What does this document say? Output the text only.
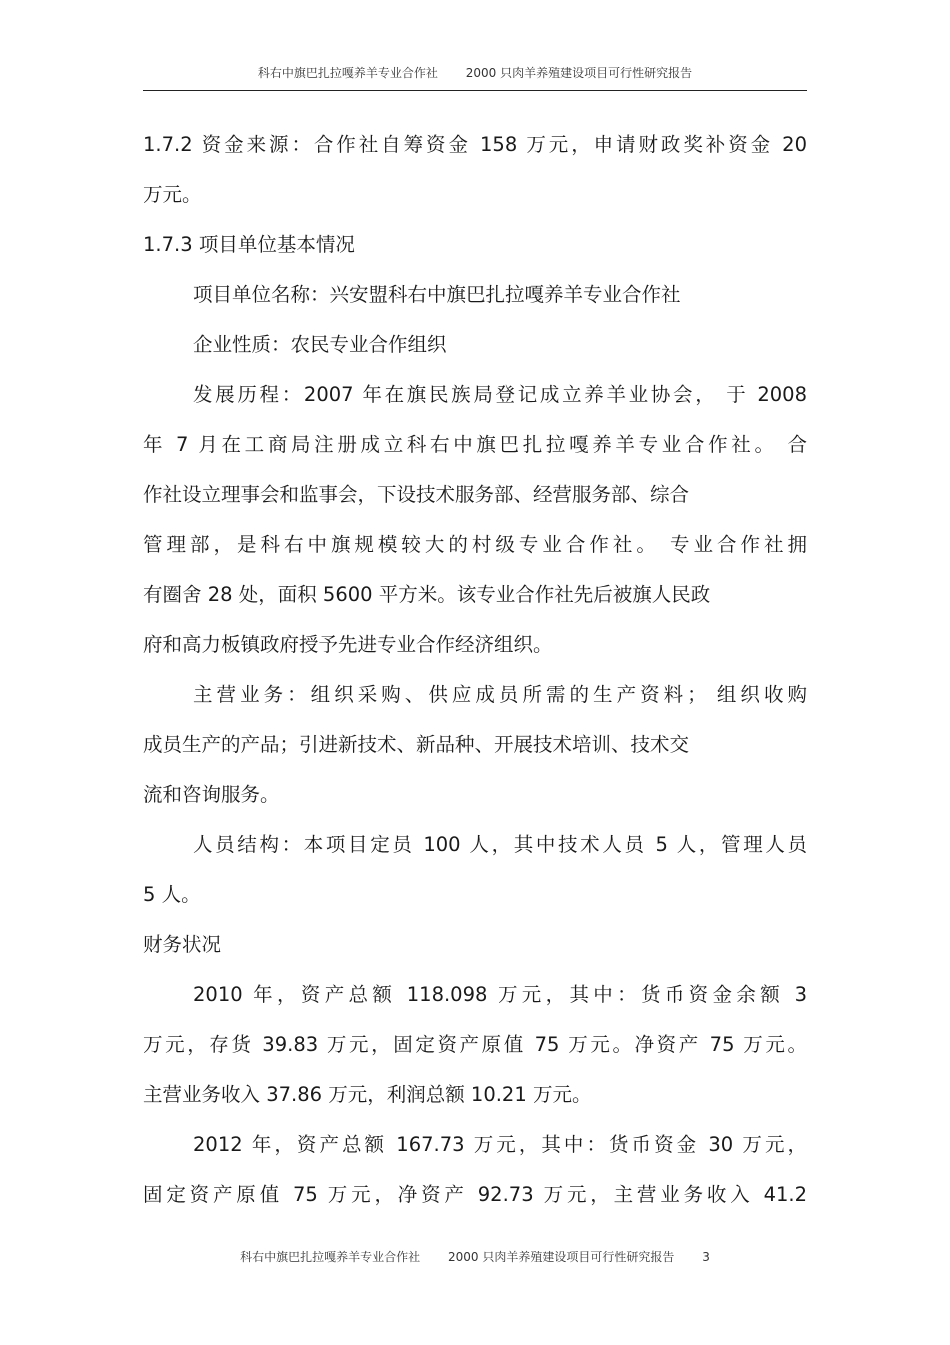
科右中旗巴扎拉嘎养羊专业合作社 2000 只肉羊养殖建设项目可行性研究报告

1.7.2 资金来源：合作社自筹资金 158 万元，申请财政奖补资金 20

万元。

1.7.3 项目单位基本情况

项目单位名称：兴安盟科右中旗巴扎拉嘎养羊专业合作社

企业性质：农民专业合作组织

发展历程：2007 年在旗民族局登记成立养羊业协会， 于 2008

年 7 月在工商局注册成立科右中旗巴扎拉嘎养羊专业合作社。 合

作社设立理事会和监事会，下设技术服务部、经营服务部、综合

管理部，是科右中旗规模较大的村级专业合作社。 专业合作社拥

有圈舍 28 处，面积 5600 平方米。该专业合作社先后被旗人民政

府和高力板镇政府授予先进专业合作经济组织。

主营业务：组织采购、供应成员所需的生产资料； 组织收购

成员生产的产品；引进新技术、新品种、开展技术培训、技术交

流和咨询服务。

人员结构：本项目定员 100 人，其中技术人员 5 人，管理人员

5 人。

财务状况

2010 年，资产总额 118.098 万元，其中：货币资金余额 3

万元，存货 39.83 万元，固定资产原值 75 万元。净资产 75 万元。

主营业务收入 37.86 万元，利润总额 10.21 万元。

2012 年，资产总额 167.73 万元，其中：货币资金 30 万元，

固定资产原值 75 万元，净资产 92.73 万元，主营业务收入 41.2

科右中旗巴扎拉嘎养羊专业合作社 2000 只肉羊养殖建设项目可行性研究报告 3
